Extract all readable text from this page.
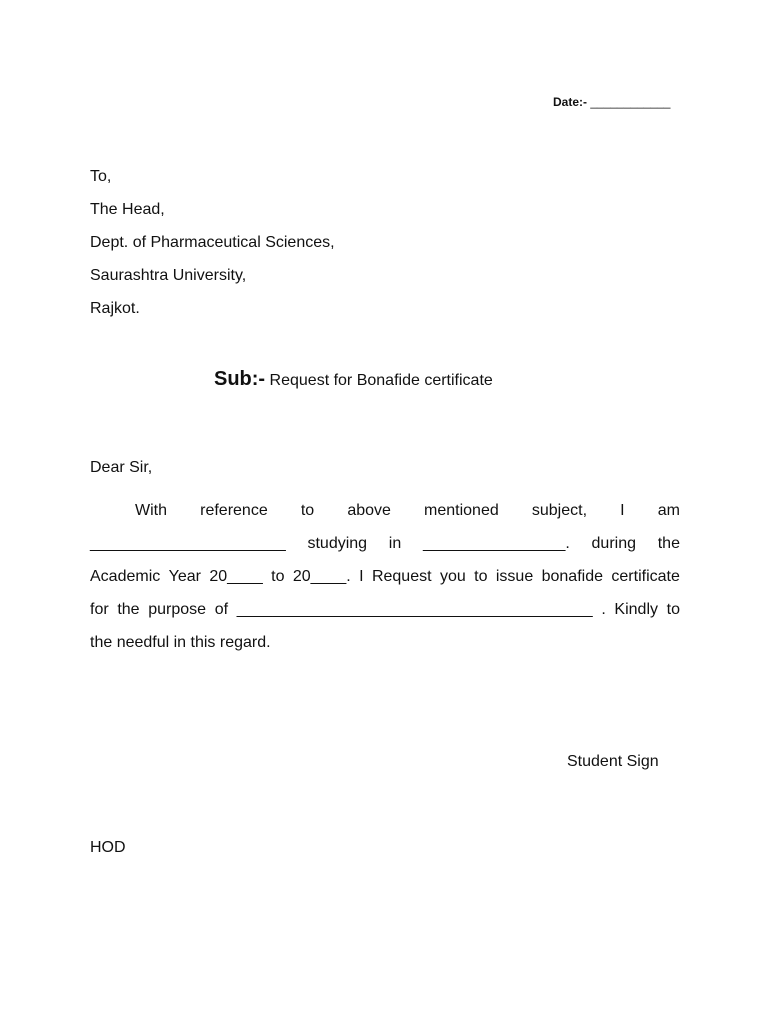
Date:- ____________
To,
The Head,
Dept. of Pharmaceutical Sciences,
Saurashtra University,
Rajkot.
Sub:- Request for Bonafide certificate
Dear Sir,
With reference to above mentioned subject, I am
______________________ studying in ________________. during the
Academic Year 20____ to 20____. I Request you to issue bonafide certificate
for the purpose of ________________________________________ . Kindly to
the needful in this regard.
Student Sign
HOD
